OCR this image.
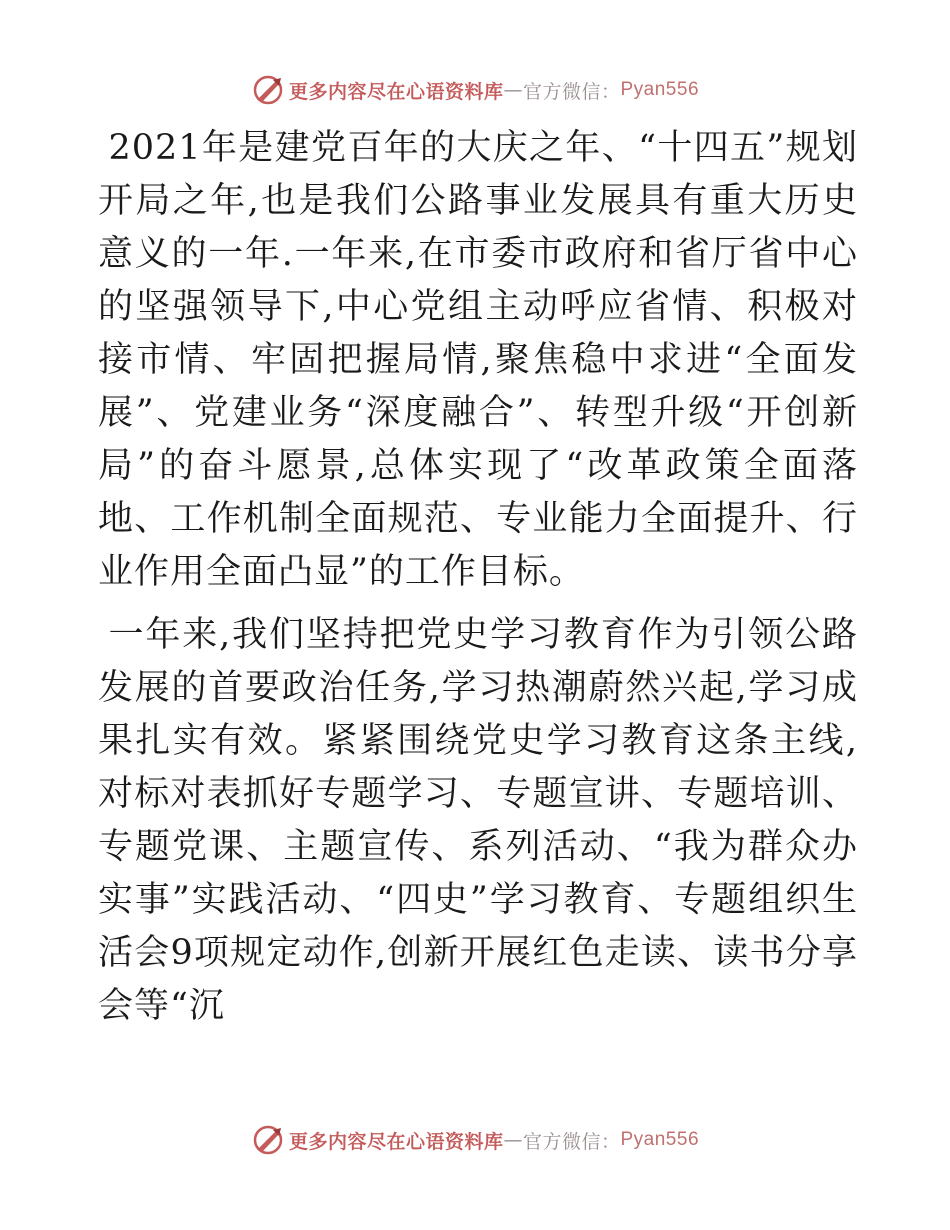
更多内容尽在心语资料库 — 官方微信： Pyan556

2021年是建党百年的大庆之年、“十四五”规划开局之年,也是我们公路事业发展具有重大历史意义的一年.一年来,在市委市政府和省厅省中心的坚强领导下,中心党组主动呼应省情、积极对接市情、牢固把握局情,聚焦稳中求进“全面发展”、党建业务“深度融合”、转型升级“开创新局”的奋斗愿景,总体实现了“改革政策全面落地、工作机制全面规范、专业能力全面提升、行业作用全面凸显”的工作目标。

一年来,我们坚持把党史学习教育作为引领公路发展的首要政治任务,学习热潮蔚然兴起,学习成果扎实有效。紧紧围绕党史学习教育这条主线,对标对表抓好专题学习、专题宣讲、专题培训、专题党课、主题宣传、系列活动、“我为群众办实事”实践活动、“四史”学习教育、专题组织生活会9项规定动作,创新开展红色走读、读书分享会等“沉

更多内容尽在心语资料库 — 官方微信： Pyan556
